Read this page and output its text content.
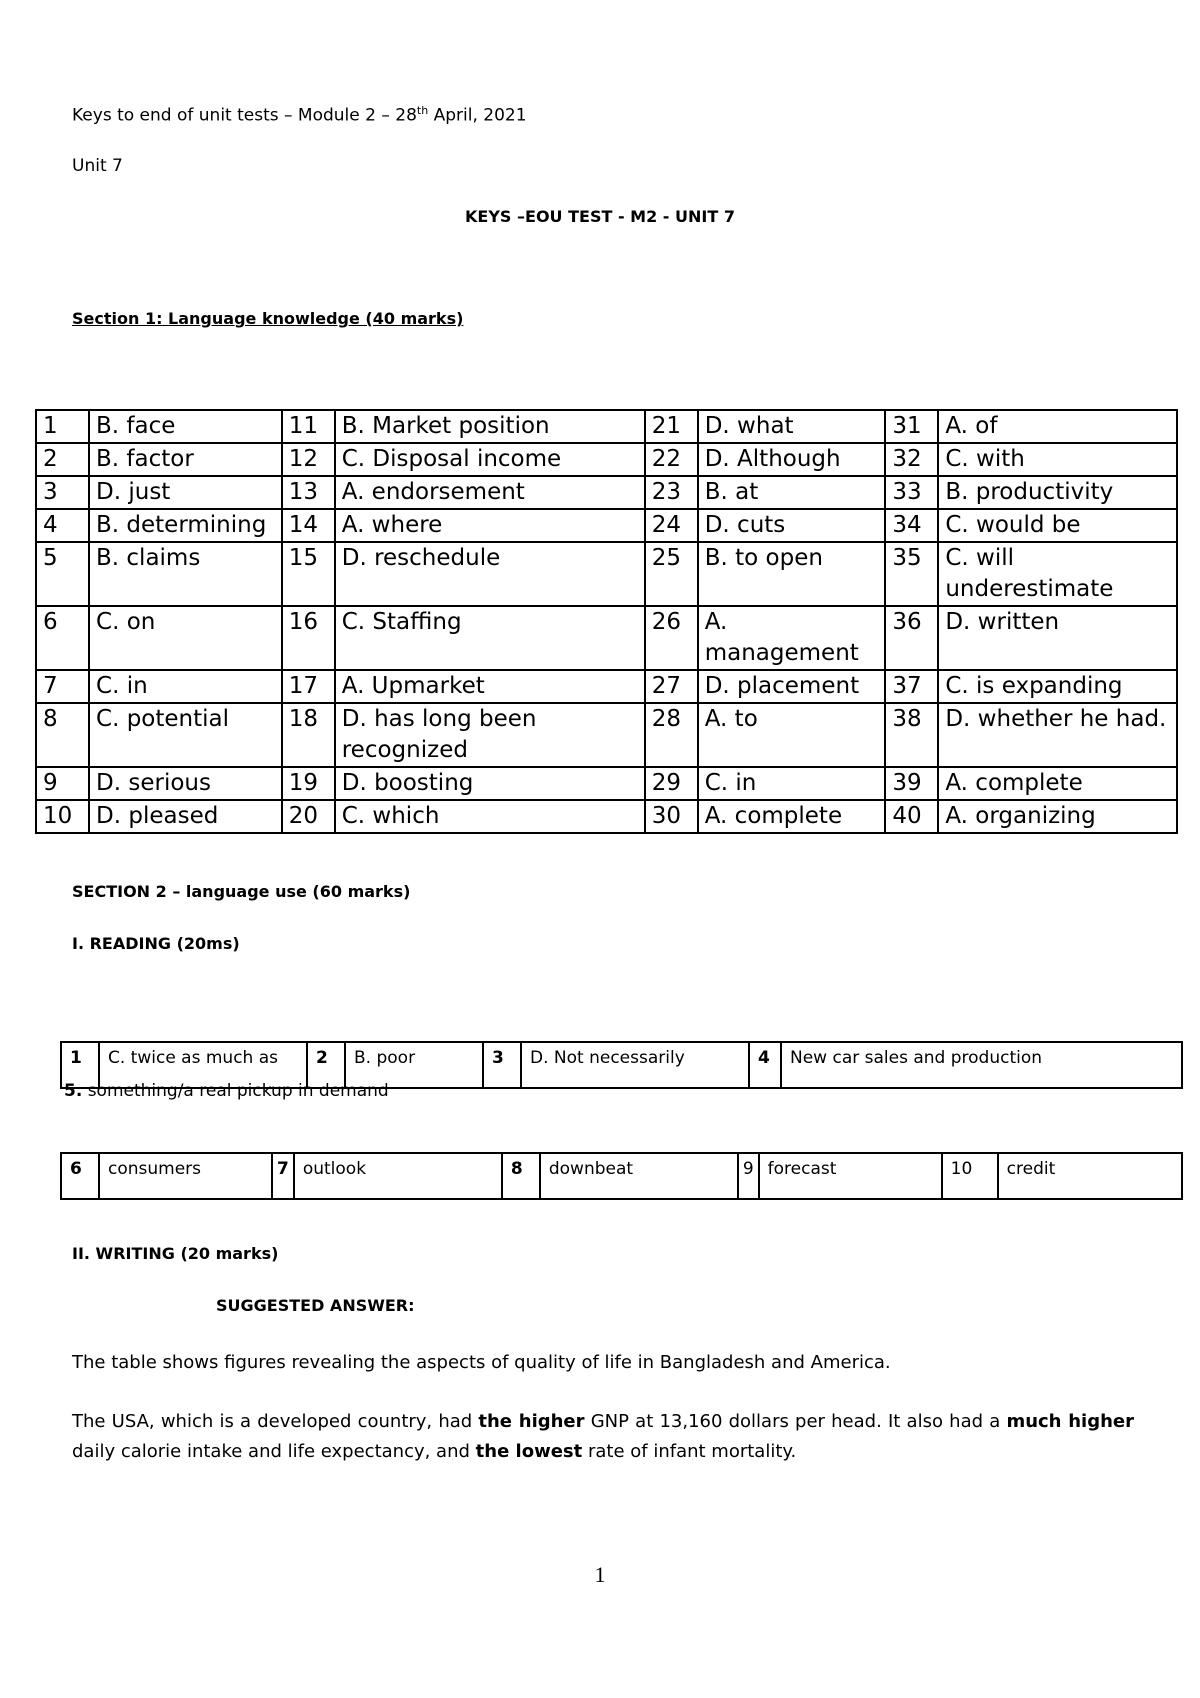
Keys to end of unit tests – Module 2 – 28th April, 2021
Unit 7
KEYS –EOU TEST - M2 - UNIT 7
Section 1: Language knowledge (40 marks)
1	B. face	11	B. Market position	21	D. what	31	A. of
2	B. factor	12	C. Disposal income	22	D. Although	32	C. with
3	D. just	13	A. endorsement	23	B. at	33	B. productivity
4	B. determining	14	A. where	24	D. cuts	34	C. would be
5	B. claims	15	D. reschedule	25	B. to open	35	C. will underestimate
6	C. on	16	C. Staffing	26	A. management	36	D. written
7	C. in	17	A. Upmarket	27	D. placement	37	C. is expanding
8	C. potential	18	D. has long been recognized	28	A. to	38	D. whether he had.
9	D. serious	19	D. boosting	29	C. in	39	A. complete
10	D. pleased	20	C. which	30	A. complete	40	A. organizing
SECTION 2 – language use (60 marks)
I. READING (20ms)
1	C. twice as much as	2	B. poor	3	D. Not necessarily	4	New car sales and production
5. something/a real pickup in demand
6	consumers	7	outlook	8	downbeat	9	forecast	10	credit
II. WRITING (20 marks)
SUGGESTED ANSWER:
The table shows figures revealing the aspects of quality of life in Bangladesh and America.
The USA, which is a developed country, had the higher GNP at 13,160 dollars per head. It also had a much higher daily calorie intake and life expectancy, and the lowest rate of infant mortality.
1
